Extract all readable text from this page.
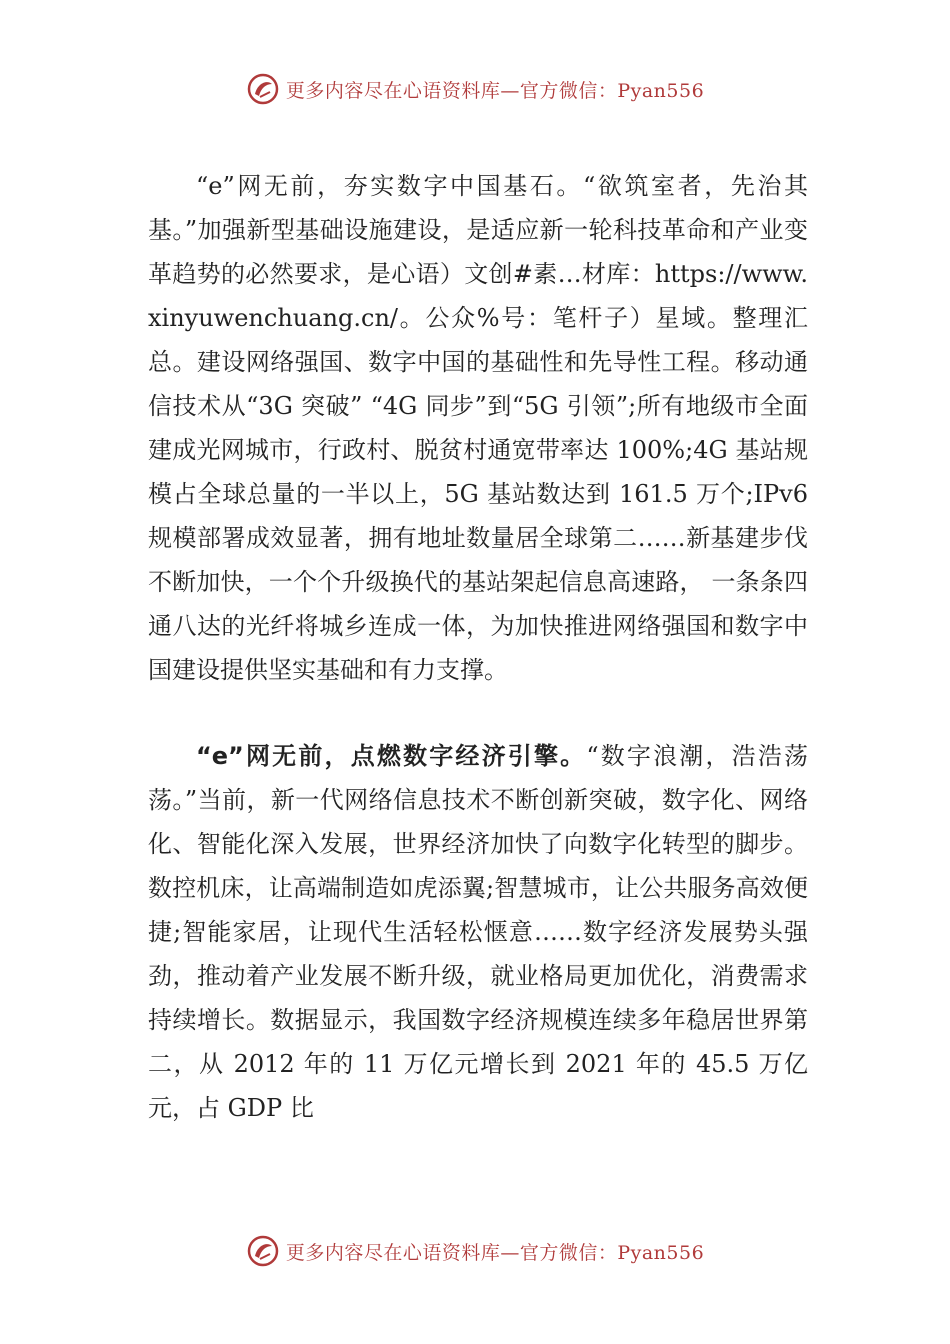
更多内容尽在心语资料库—官方微信：Pyan556

“e”网无前，夯实数字中国基石。“欲筑室者，先治其基。”加强新型基础设施建设，是适应新一轮科技革命和产业变革趋势的必然要求，是心语）文创#素…材库：https://www.xinyuwenchuang.cn/。公众%号：笔杆子）星域。整理汇总。建设网络强国、数字中国的基础性和先导性工程。移动通信技术从“3G 突破” “4G 同步”到“5G 引领”;所有地级市全面建成光网城市，行政村、脱贫村通宽带率达 100%;4G 基站规模占全球总量的一半以上，5G 基站数达到 161.5 万个;IPv6 规模部署成效显著，拥有地址数量居全球第二……新基建步伐不断加快，一个个升级换代的基站架起信息高速路， 一条条四通八达的光纤将城乡连成一体，为加快推进网络强国和数字中国建设提供坚实基础和有力支撑。

“e”网无前，点燃数字经济引擎。“数字浪潮，浩浩荡荡。”当前，新一代网络信息技术不断创新突破，数字化、网络化、智能化深入发展，世界经济加快了向数字化转型的脚步。数控机床，让高端制造如虎添翼;智慧城市，让公共服务高效便捷;智能家居，让现代生活轻松惬意……数字经济发展势头强劲，推动着产业发展不断升级，就业格局更加优化，消费需求持续增长。数据显示，我国数字经济规模连续多年稳居世界第二，从 2012 年的 11 万亿元增长到 2021 年的 45.5 万亿元，占 GDP 比

更多内容尽在心语资料库—官方微信：Pyan556
